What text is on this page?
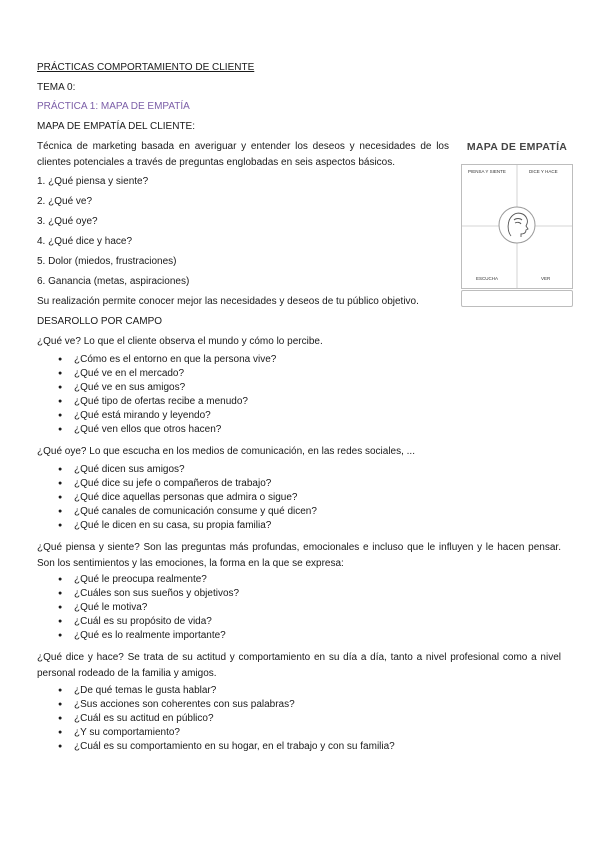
PRÁCTICAS COMPORTAMIENTO DE CLIENTE
TEMA 0:
PRÁCTICA 1: MAPA DE EMPATÍA
MAPA DE EMPATÍA DEL CLIENTE:
Técnica de marketing basada en averiguar y entender los deseos y necesidades de los clientes potenciales a través de preguntas englobadas en seis aspectos básicos.
1. ¿Qué piensa y siente?
2. ¿Qué ve?
3. ¿Qué oye?
4. ¿Qué dice y hace?
5. Dolor (miedos, frustraciones)
6. Ganancia (metas, aspiraciones)
Su realización permite conocer mejor las necesidades y deseos de tu público objetivo.
DESAROLLO POR CAMPO
MAPA DE EMPATÍA
PIENSA Y SIENTE	DICE Y HACE
ESCUCHA	VER
¿Qué ve? Lo que el cliente observa el mundo y cómo lo percibe.
● ¿Cómo es el entorno en que la persona vive?
● ¿Qué ve en el mercado?
● ¿Qué ve en sus amigos?
● ¿Qué tipo de ofertas recibe a menudo?
● ¿Qué está mirando y leyendo?
● ¿Qué ven ellos que otros hacen?
¿Qué oye? Lo que escucha en los medios de comunicación, en las redes sociales, ...
● ¿Qué dicen sus amigos?
● ¿Qué dice su jefe o compañeros de trabajo?
● ¿Qué dice aquellas personas que admira o sigue?
● ¿Qué canales de comunicación consume y qué dicen?
● ¿Qué le dicen en su casa, su propia familia?
¿Qué piensa y siente? Son las preguntas más profundas, emocionales e incluso que le influyen y le hacen pensar. Son los sentimientos y las emociones, la forma en la que se expresa:
● ¿Qué le preocupa realmente?
● ¿Cuáles son sus sueños y objetivos?
● ¿Qué le motiva?
● ¿Cuál es su propósito de vida?
● ¿Qué es lo realmente importante?
¿Qué dice y hace? Se trata de su actitud y comportamiento en su día a día, tanto a nivel profesional como a nivel personal rodeado de la familia y amigos.
● ¿De qué temas le gusta hablar?
● ¿Sus acciones son coherentes con sus palabras?
● ¿Cuál es su actitud en público?
● ¿Y su comportamiento?
● ¿Cuál es su comportamiento en su hogar, en el trabajo y con su familia?
